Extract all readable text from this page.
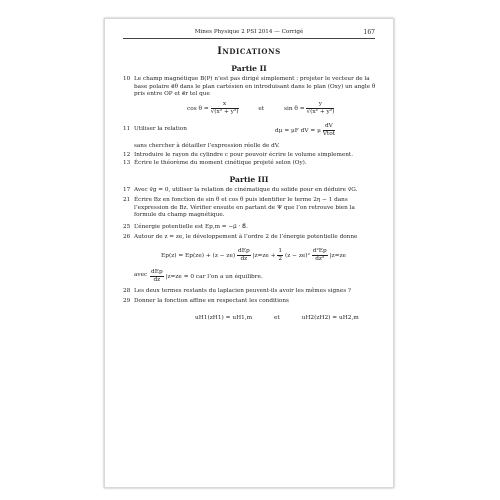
Mines Physique 2 PSI 2014 — Corrigé	167
Indications
Partie II
10 Le champ magnétique B(P) n’est pas dirigé simplement : projeter le vecteur de la base polaire e⃗θ dans le plan cartésien en introduisant dans le plan (Oxy) un angle θ pris entre OP et e⃗r tel que
$\cos \theta = \frac{x}{\text{√(x² + y²)}}$	et	$\sin \theta = \frac{y}{\text{√(x² + y²)}}$
11 Utiliser la relation	dμ = μF dV = μ $\frac{dV}{\text{Vtot}}$
sans chercher à détailler l’expression réelle de dV.
12 Introduire le rayon du cylindre c pour pouvoir écrire le volume simplement.
13 Écrire le théorème du moment cinétique projeté selon (Oy).
Partie III
17 Avec v⃗g = 0, utiliser la relation de cinématique du solide pour en déduire v⃗G.
21 Écrire Bz en fonction de sin θ et cos θ puis identifier le terme 2η − 1 dans l’expression de Bz. Vérifier ensuite en partant de Ψ que l’on retrouve bien la formule du champ magnétique.
25 L’énergie potentielle est Ep,m = −μ⃗ · B⃗.
26 Autour de z = ze, le développement à l’ordre 2 de l’énergie potentielle donne
$Ep(z) = Ep(ze) + (z - ze) \frac{\text{dEp}}{dz} |z=ze + \frac{1}{2} (z - ze)^2 \frac{\text{d²Ep}}{\text{dz²}} |z=ze$
avec $\frac{\text{dEp}}{dz} |z=ze = 0$ car l’on a un équilibre.
28 Les deux termes restants du laplacien peuvent-ils avoir les mêmes signes ?
29 Donner la fonction affine en respectant les conditions
uH1(zH1) = uH1,m	et	uH2(zH2) = uH2,m
